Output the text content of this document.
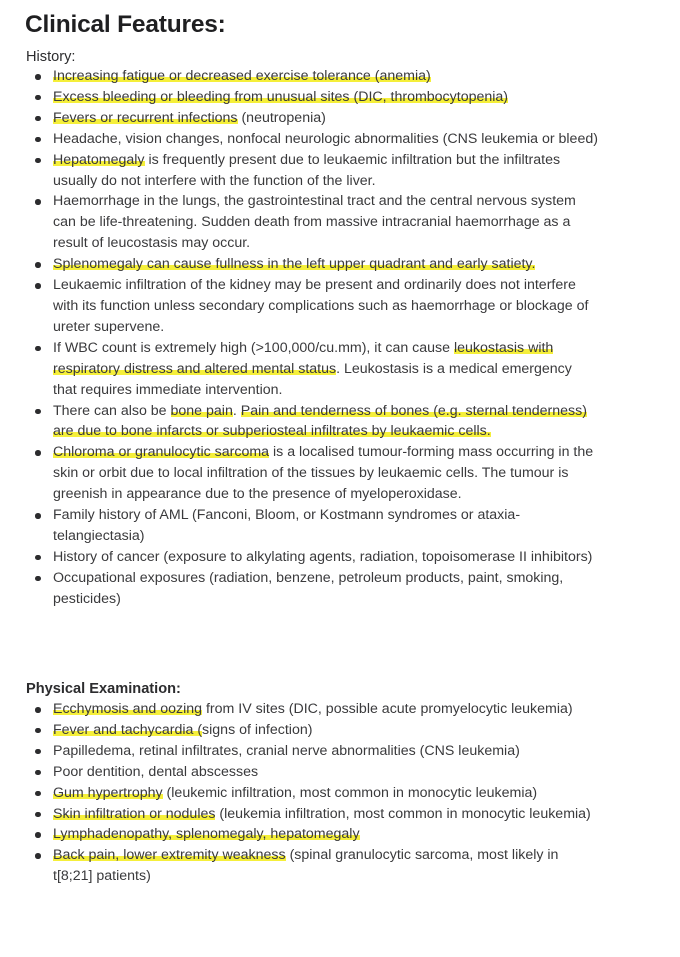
Clinical Features:
History:
Increasing fatigue or decreased exercise tolerance (anemia)
Excess bleeding or bleeding from unusual sites (DIC, thrombocytopenia)
Fevers or recurrent infections (neutropenia)
Headache, vision changes, nonfocal neurologic abnormalities (CNS leukemia or bleed)
Hepatomegaly is frequently present due to leukaemic infiltration but the infiltrates usually do not interfere with the function of the liver.
Haemorrhage in the lungs, the gastrointestinal tract and the central nervous system can be life-threatening. Sudden death from massive intracranial haemorrhage as a result of leucostasis may occur.
Splenomegaly can cause fullness in the left upper quadrant and early satiety.
Leukaemic infiltration of the kidney may be present and ordinarily does not interfere with its function unless secondary complications such as haemorrhage or blockage of ureter supervene.
If WBC count is extremely high (>100,000/cu.mm), it can cause leukostasis with respiratory distress and altered mental status. Leukostasis is a medical emergency that requires immediate intervention.
There can also be bone pain. Pain and tenderness of bones (e.g. sternal tenderness) are due to bone infarcts or subperiosteal infiltrates by leukaemic cells.
Chloroma or granulocytic sarcoma is a localised tumour-forming mass occurring in the skin or orbit due to local infiltration of the tissues by leukaemic cells. The tumour is greenish in appearance due to the presence of myeloperoxidase.
Family history of AML (Fanconi, Bloom, or Kostmann syndromes or ataxia-telangiectasia)
History of cancer (exposure to alkylating agents, radiation, topoisomerase II inhibitors)
Occupational exposures (radiation, benzene, petroleum products, paint, smoking, pesticides)
Physical Examination:
Ecchymosis and oozing from IV sites (DIC, possible acute promyelocytic leukemia)
Fever and tachycardia (signs of infection)
Papilledema, retinal infiltrates, cranial nerve abnormalities (CNS leukemia)
Poor dentition, dental abscesses
Gum hypertrophy (leukemic infiltration, most common in monocytic leukemia)
Skin infiltration or nodules (leukemia infiltration, most common in monocytic leukemia)
Lymphadenopathy, splenomegaly, hepatomegaly
Back pain, lower extremity weakness (spinal granulocytic sarcoma, most likely in t[8;21] patients)
